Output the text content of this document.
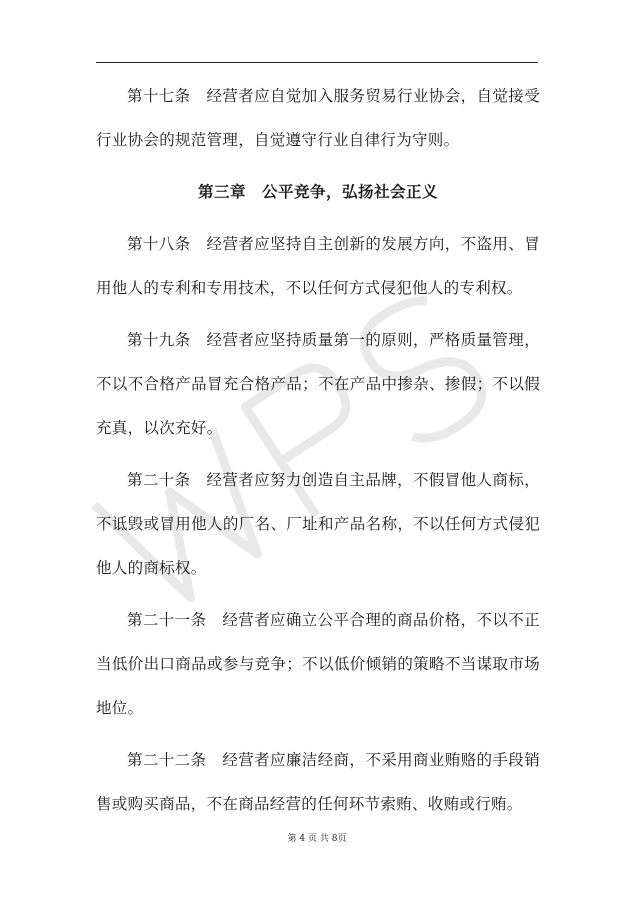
第十七条　经营者应自觉加入服务贸易行业协会，自觉接受行业协会的规范管理，自觉遵守行业自律行为守则。

第三章　公平竞争，弘扬社会正义

第十八条　经营者应坚持自主创新的发展方向，不盗用、冒用他人的专利和专用技术，不以任何方式侵犯他人的专利权。

第十九条　经营者应坚持质量第一的原则，严格质量管理，不以不合格产品冒充合格产品；不在产品中掺杂、掺假；不以假充真，以次充好。

第二十条　经营者应努力创造自主品牌，不假冒他人商标，不诋毁或冒用他人的厂名、厂址和产品名称，不以任何方式侵犯他人的商标权。

第二十一条　经营者应确立公平合理的商品价格，不以不正当低价出口商品或参与竞争；不以低价倾销的策略不当谋取市场地位。

第二十二条　经营者应廉洁经商，不采用商业贿赂的手段销售或购买商品，不在商品经营的任何环节索贿、收贿或行贿。

第 4 页 共 8页
